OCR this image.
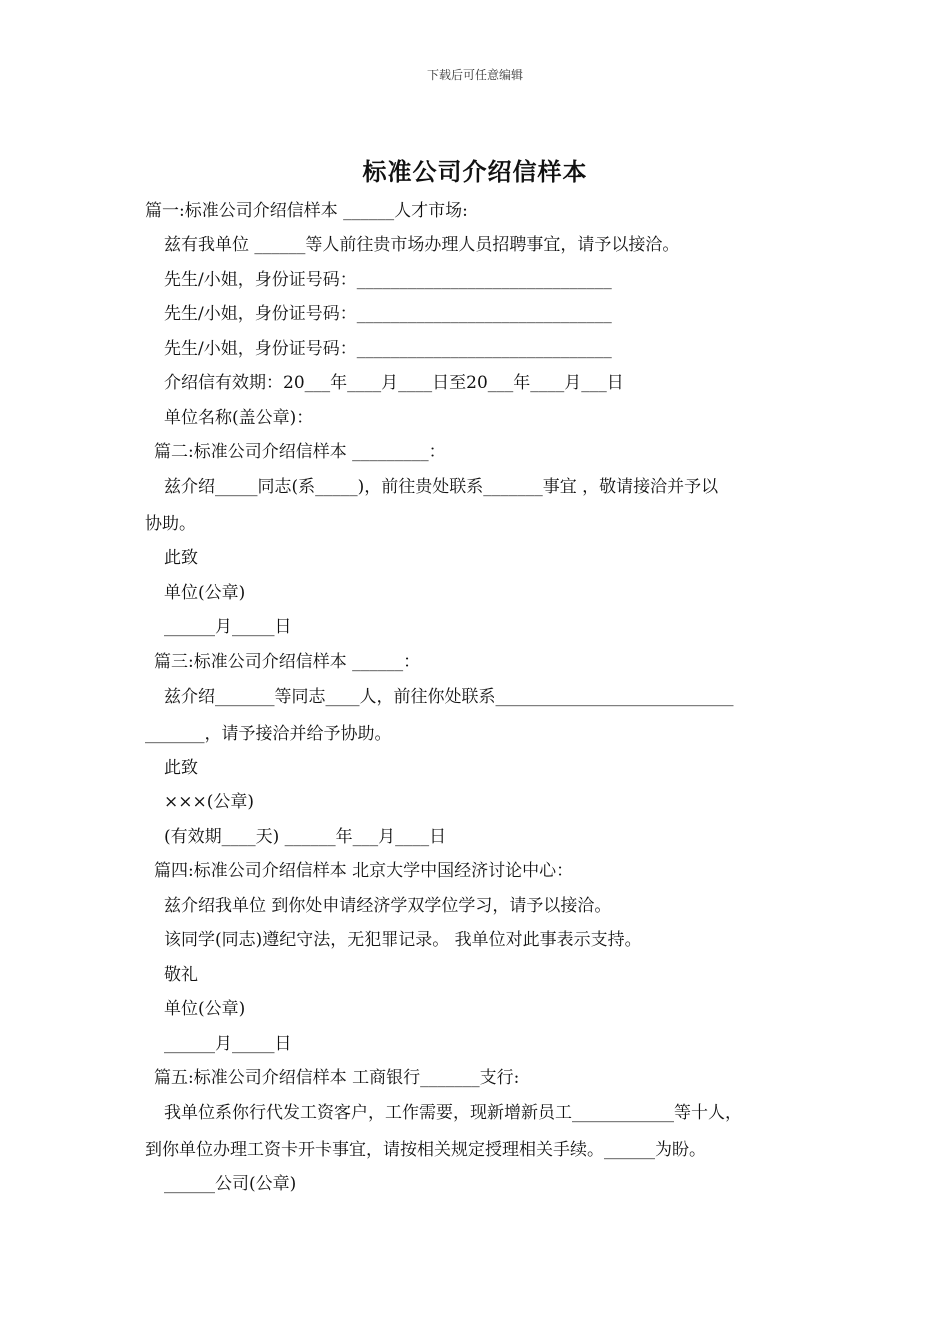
下载后可任意编辑
标准公司介绍信样本
篇一:标准公司介绍信样本 ______人才市场:
兹有我单位 ______等人前往贵市场办理人员招聘事宜，请予以接洽。
先生/小姐，身份证号码：______________________________
先生/小姐，身份证号码：______________________________
先生/小姐，身份证号码：______________________________
介绍信有效期：20___年____月____日至20___年____月___日
单位名称(盖公章)：
篇二:标准公司介绍信样本 _________：
兹介绍_____同志(系_____)，前往贵处联系_______事宜 ，敬请接洽并予以
协助。
此致
单位(公章)
______月_____日
篇三:标准公司介绍信样本 ______：
兹介绍_______等同志____人，前往你处联系____________________________
_______，请予接洽并给予协助。
此致
×××(公章)
(有效期____天) ______年___月____日
篇四:标准公司介绍信样本 北京大学中国经济讨论中心：
兹介绍我单位 到你处申请经济学双学位学习，请予以接洽。
该同学(同志)遵纪守法，无犯罪记录。 我单位对此事表示支持。
敬礼
单位(公章)
______月_____日
篇五:标准公司介绍信样本 工商银行_______支行:
我单位系你行代发工资客户，工作需要，现新增新员工____________等十人，
到你单位办理工资卡开卡事宜，请按相关规定授理相关手续。______为盼。
______公司(公章)
